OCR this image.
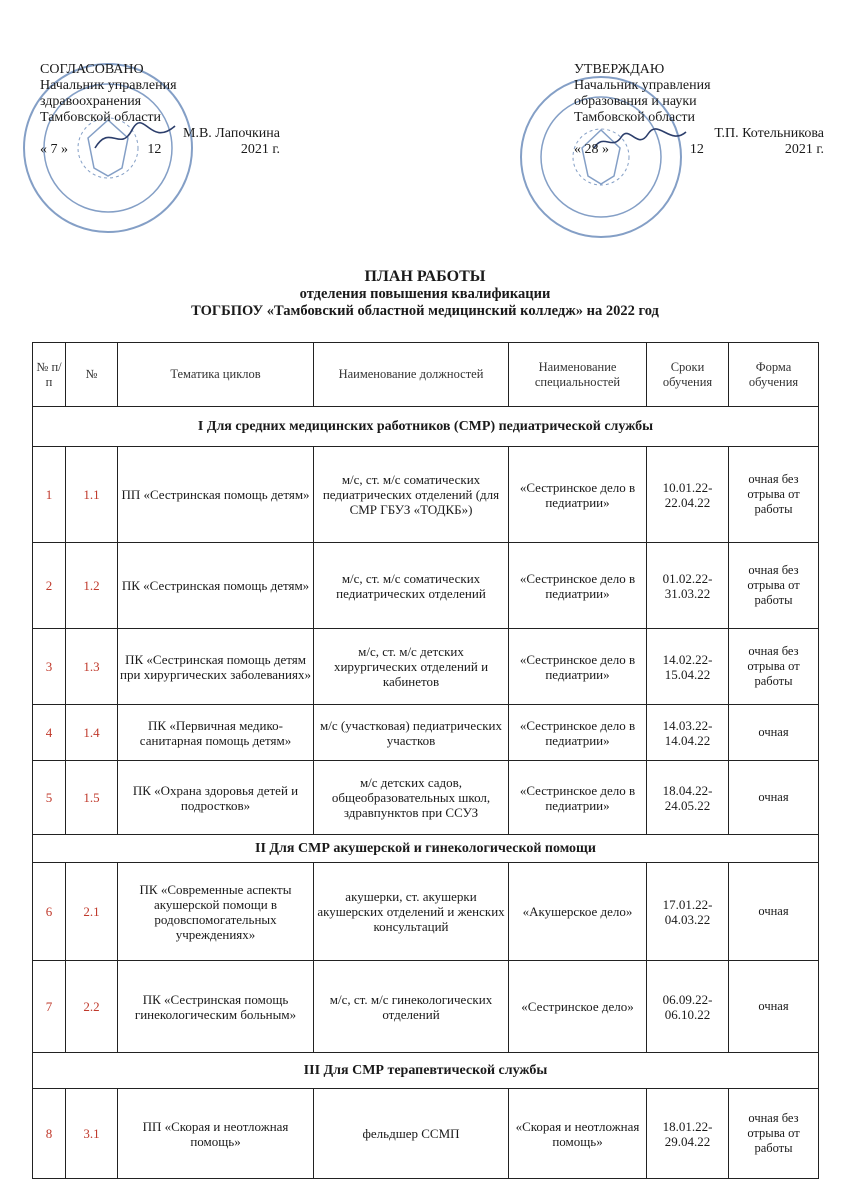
СОГЛАСОВАНО
Начальник управления
здравоохранения
Тамбовской области
М.В. Лапочкина
« 7 »	12	2021 г.
УТВЕРЖДАЮ
Начальник управления
образования и науки
Тамбовской области
Т.П. Котельникова
« 28 »	12	2021 г.
ПЛАН РАБОТЫ
отделения повышения квалификации
ТОГБПОУ «Тамбовский областной медицинский колледж» на 2022 год
№ п/п	№	Тематика циклов	Наименование должностей	Наименование специальностей	Сроки обучения	Форма обучения
I Для средних медицинских работников (СМР) педиатрической службы						
1	1.1	ПП «Сестринская помощь детям»	м/с, ст. м/с соматических педиатрических отделений (для СМР ГБУЗ «ТОДКБ»)	«Сестринское дело в педиатрии»	10.01.22-22.04.22	очная без отрыва от работы
2	1.2	ПК «Сестринская помощь детям»	м/с, ст. м/с соматических педиатрических отделений	«Сестринское дело в педиатрии»	01.02.22-31.03.22	очная без отрыва от работы
3	1.3	ПК «Сестринская помощь детям при хирургических заболеваниях»	м/с, ст. м/с детских хирургических отделений и кабинетов	«Сестринское дело в педиатрии»	14.02.22-15.04.22	очная без отрыва от работы
4	1.4	ПК «Первичная медико-санитарная помощь детям»	м/с (участковая) педиатрических участков	«Сестринское дело в педиатрии»	14.03.22-14.04.22	очная
5	1.5	ПК «Охрана здоровья детей и подростков»	м/с детских садов, общеобразовательных школ, здравпунктов при ССУЗ	«Сестринское дело в педиатрии»	18.04.22-24.05.22	очная
II Для СМР акушерской и гинекологической помощи						
6	2.1	ПК «Современные аспекты акушерской помощи в родовспомогательных учреждениях»	акушерки, ст. акушерки акушерских отделений и женских консультаций	«Акушерское дело»	17.01.22-04.03.22	очная
7	2.2	ПК «Сестринская помощь гинекологическим больным»	м/с, ст. м/с гинекологических отделений	«Сестринское дело»	06.09.22-06.10.22	очная
III Для СМР терапевтической службы						
8	3.1	ПП «Скорая и неотложная помощь»	фельдшер ССМП	«Скорая и неотложная помощь»	18.01.22-29.04.22	очная без отрыва от работы
